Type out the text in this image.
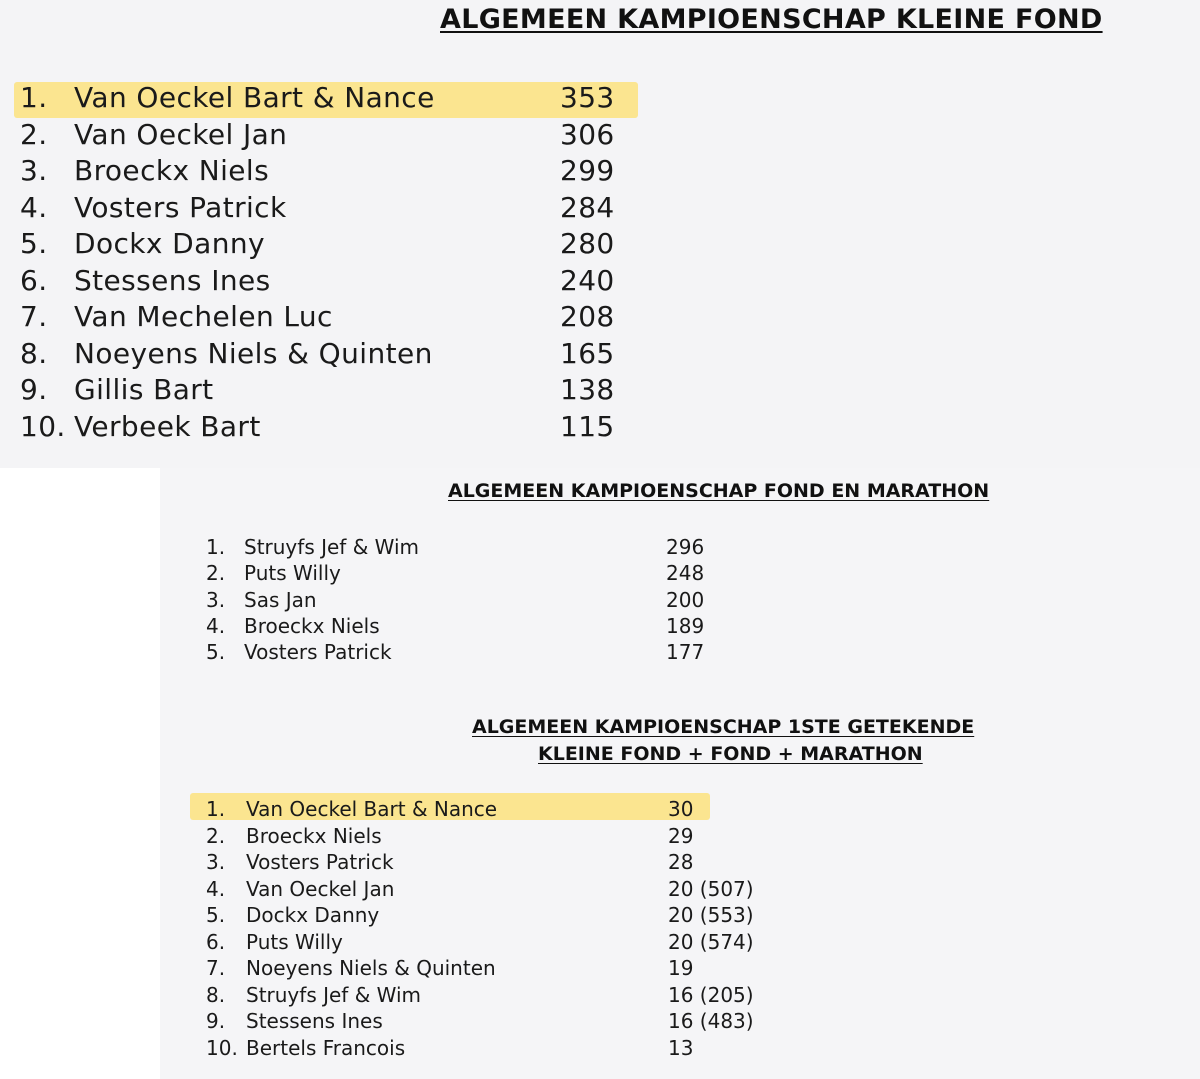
ALGEMEEN KAMPIOENSCHAP KLEINE FOND
1. Van Oeckel Bart & Nance	353
2. Van Oeckel Jan	306
3. Broeckx Niels	299
4. Vosters Patrick	284
5. Dockx Danny	280
6. Stessens Ines	240
7. Van Mechelen Luc	208
8. Noeyens Niels & Quinten	165
9. Gillis Bart	138
10. Verbeek Bart	115
ALGEMEEN KAMPIOENSCHAP FOND EN MARATHON
1. Struyfs Jef & Wim	296
2. Puts Willy	248
3. Sas Jan	200
4. Broeckx Niels	189
5. Vosters Patrick	177
ALGEMEEN KAMPIOENSCHAP 1STE GETEKENDE
KLEINE FOND + FOND + MARATHON
1. Van Oeckel Bart & Nance	30
2. Broeckx Niels	29
3. Vosters Patrick	28
4. Van Oeckel Jan	20 (507)
5. Dockx Danny	20 (553)
6. Puts Willy	20 (574)
7. Noeyens Niels & Quinten	19
8. Struyfs Jef & Wim	16 (205)
9. Stessens Ines	16 (483)
10. Bertels Francois	13
